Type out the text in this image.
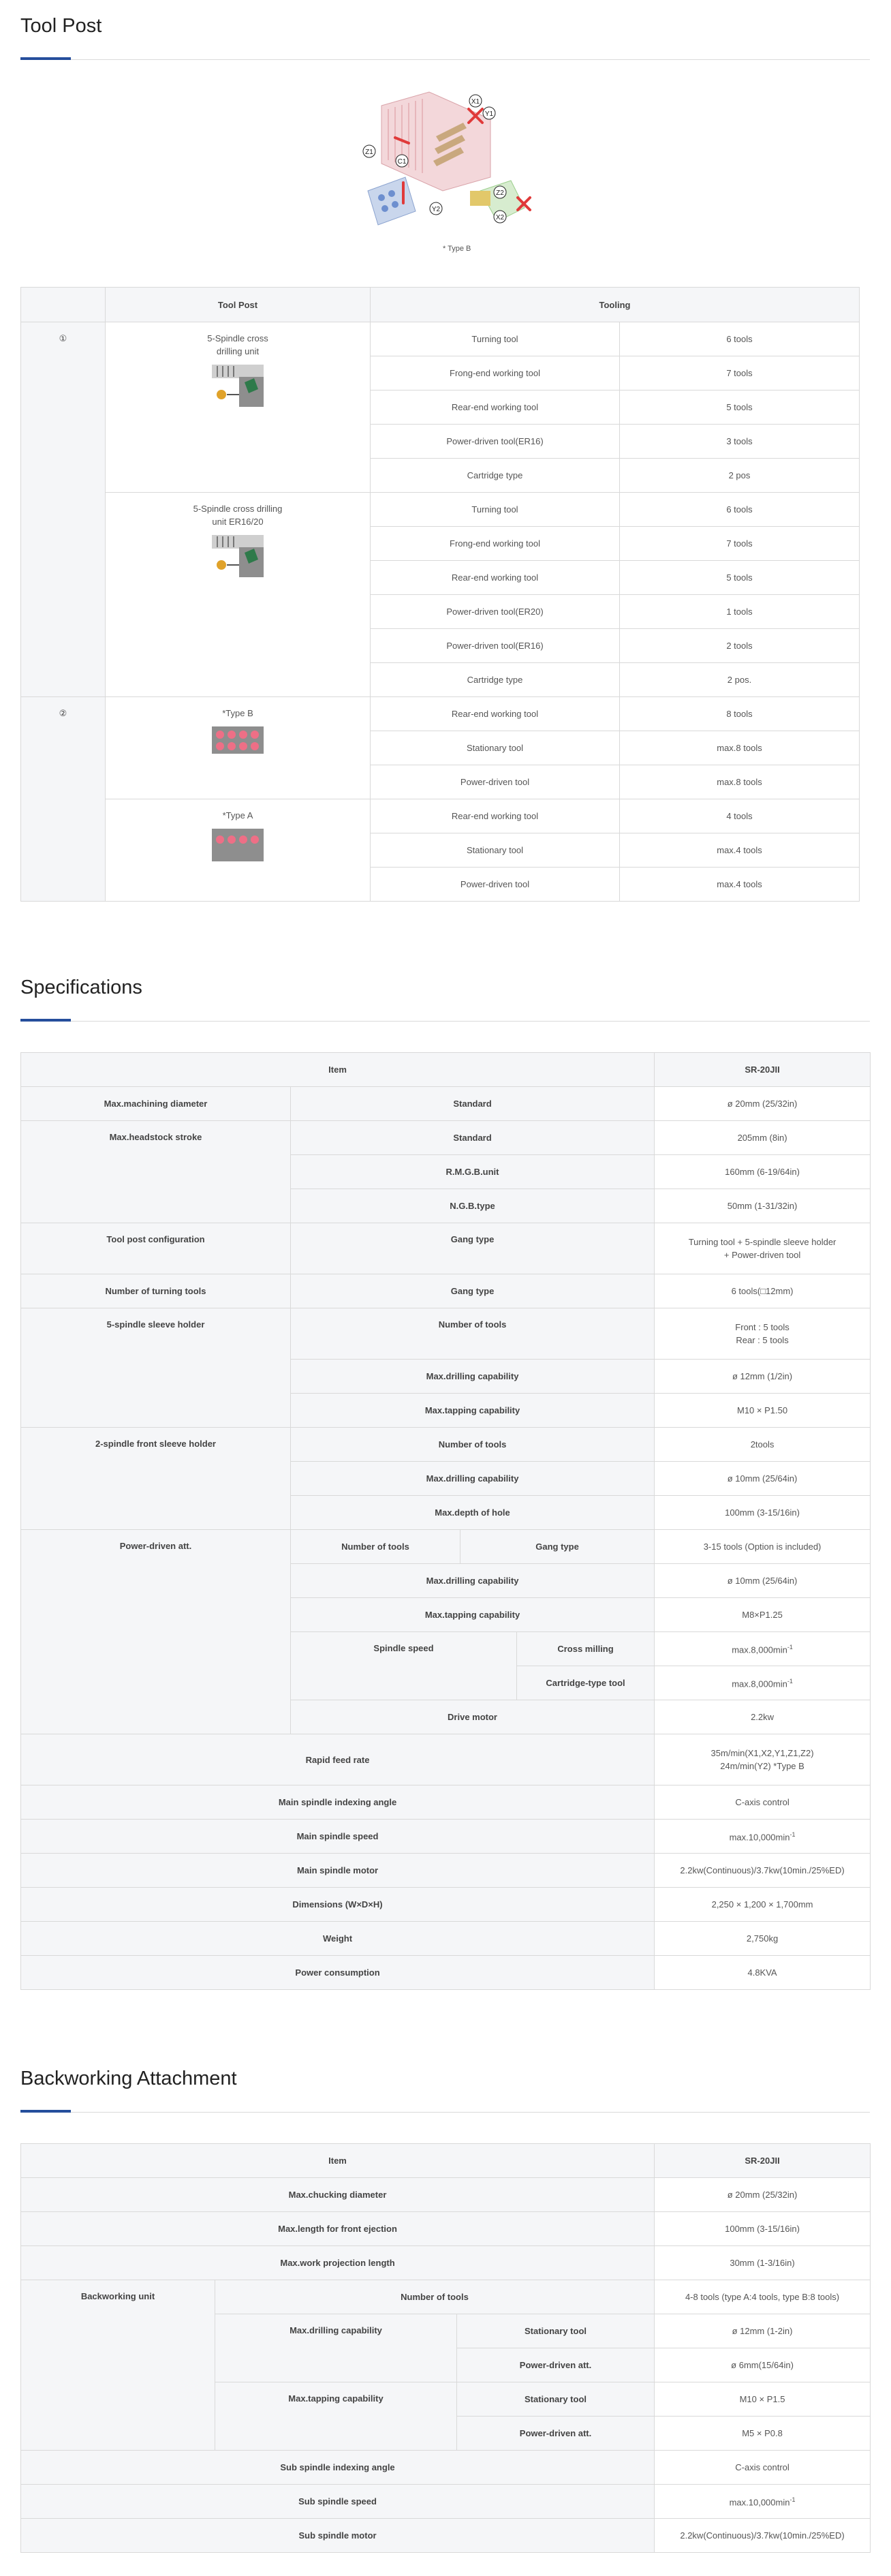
Tool Post
X1
Y1
Z1
C1
Y2
Z2
X2
* Type B
	Tool Post	Tooling	
①	5-Spindle cross drilling unit	Turning tool	6 tools
		Frong-end working tool	7 tools
		Rear-end working tool	5 tools
		Power-driven tool(ER16)	3 tools
		Cartridge type	2 pos

	5-Spindle cross drilling unit ER16/20	Turning tool	6 tools
		Frong-end working tool	7 tools
		Rear-end working tool	5 tools
		Power-driven tool(ER20)	1 tools
		Power-driven tool(ER16)	2 tools
		Cartridge type	2 pos.
②	*Type B	Rear-end working tool	8 tools
		Stationary tool	max.8 tools
		Power-driven tool	max.8 tools

	*Type A	Rear-end working tool	4 tools
		Stationary tool	max.4 tools
		Power-driven tool	max.4 tools
Specifications
Item				SR-20JII
Max.machining diameter	Standard			ø 20mm (25/32in)
Max.headstock stroke	Standard			205mm (8in)
	R.M.G.B.unit			160mm (6-19/64in)
	N.G.B.type			50mm (1-31/32in)
Tool post configuration	Gang type			Turning tool + 5-spindle sleeve holder
+ Power-driven tool

Number of turning tools	Gang type			6 tools(□12mm)
5-spindle sleeve holder	Number of tools			Front : 5 tools
Rear : 5 tools

	Max.drilling capability			ø 12mm (1/2in)
	Max.tapping capability			M10 × P1.50
2-spindle front sleeve holder	Number of tools			2tools
	Max.drilling capability			ø 10mm (25/64in)
	Max.depth of hole			100mm (3-15/16in)
Power-driven att.	Number of tools	Gang type		3-15 tools (Option is included)
	Max.drilling capability			ø 10mm (25/64in)
	Max.tapping capability			M8×P1.25
	Spindle speed		Cross milling	$\max.8,000\min^{-1}$
			Cartridge-type tool	$\max.8,000\min^{-1}$
	Drive motor			2.2kw
Rapid feed rate				35m/min(X1,X2,Y1,Z1,Z2)
24m/min(Y2) *Type B

Main spindle indexing angle				C-axis control
Main spindle speed				$\max.10,000\min^{-1}$
Main spindle motor				2.2kw(Continuous)/3.7kw(10min./25%ED)
Dimensions (W×D×H)				2,250 × 1,200 × 1,700mm
Weight				2,750kg
Power consumption				4.8KVA
Backworking Attachment
Item			SR-20JII
Max.chucking diameter			ø 20mm (25/32in)
Max.length for front ejection			100mm (3-15/16in)
Max.work projection length			30mm (1-3/16in)
Backworking unit	Number of tools		4-8 tools (type A:4 tools, type B:8 tools)
	Max.drilling capability	Stationary tool	ø 12mm (1-2in)
		Power-driven att.	ø 6mm(15/64in)
	Max.tapping capability	Stationary tool	M10 × P1.5
		Power-driven att.	M5 × P0.8
Sub spindle indexing angle			C-axis control
Sub spindle speed			$\max.10,000\min^{-1}$
Sub spindle motor			2.2kw(Continuous)/3.7kw(10min./25%ED)
